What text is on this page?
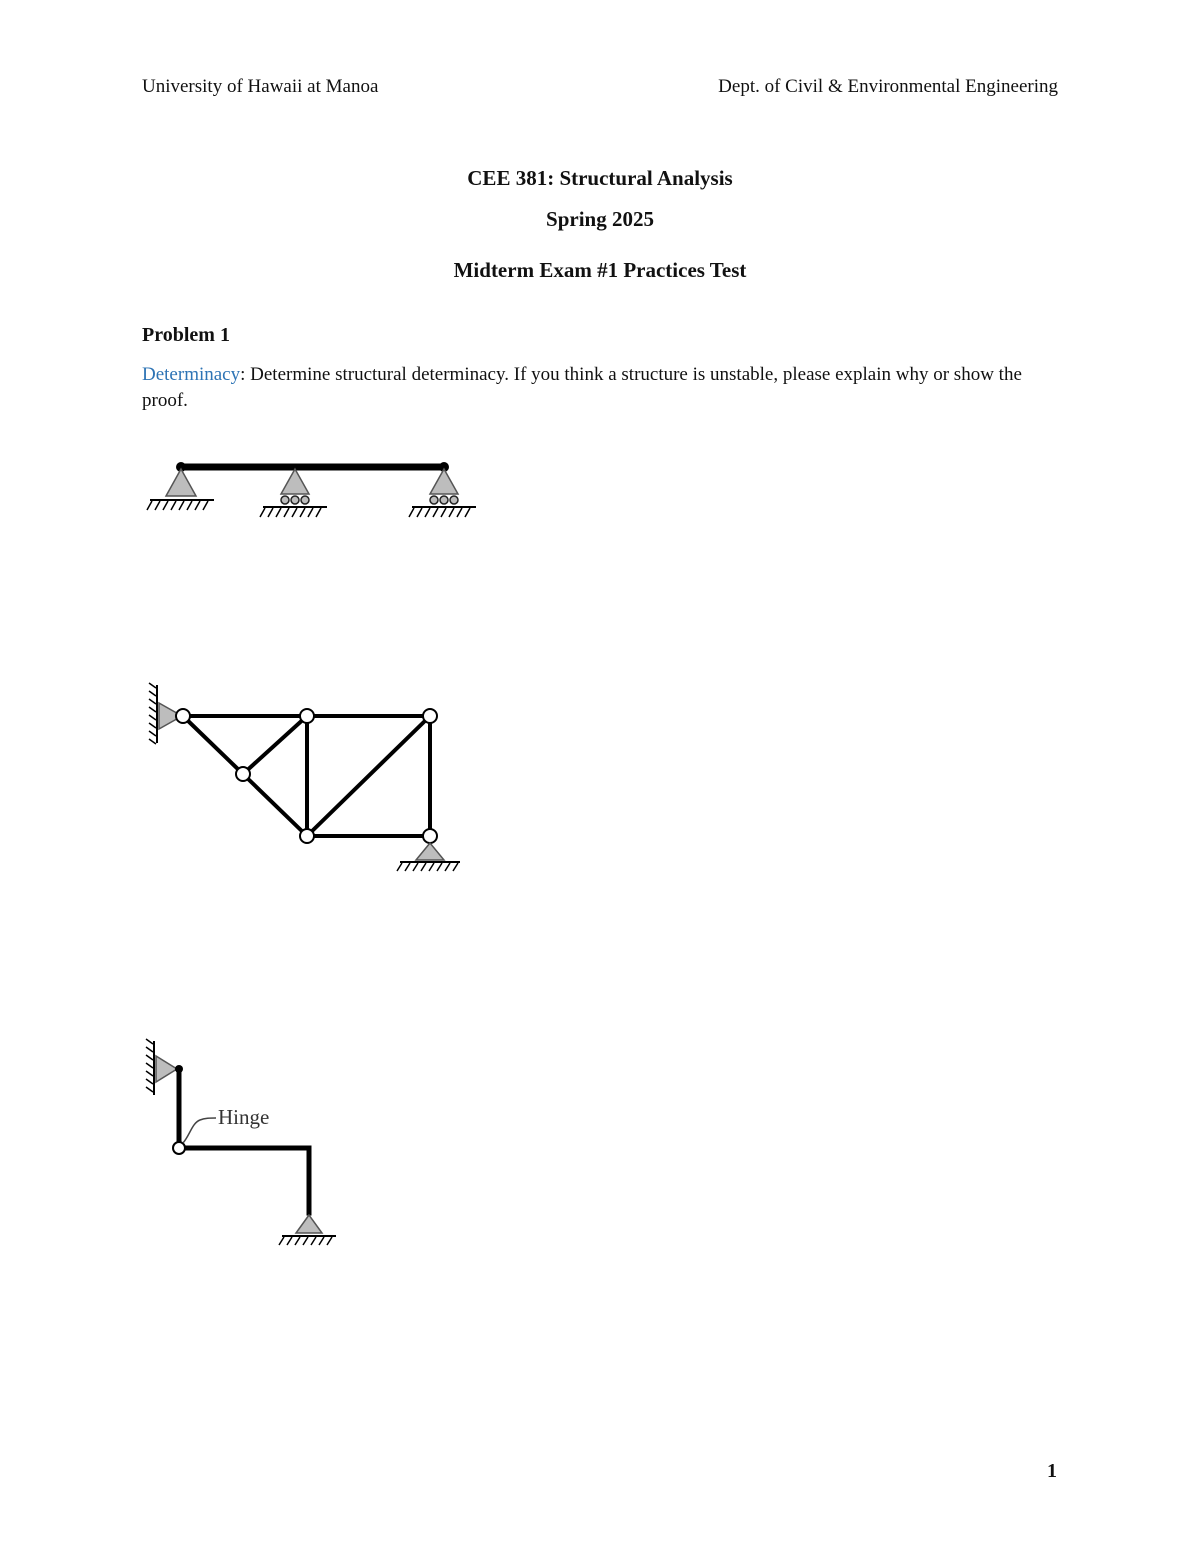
University of Hawaii at Manoa	Dept. of Civil & Environmental Engineering
CEE 381: Structural Analysis
Spring 2025
Midterm Exam #1 Practices Test
Problem 1
Determinacy: Determine structural determinacy. If you think a structure is unstable, please explain why or show the proof.
Hinge
1
